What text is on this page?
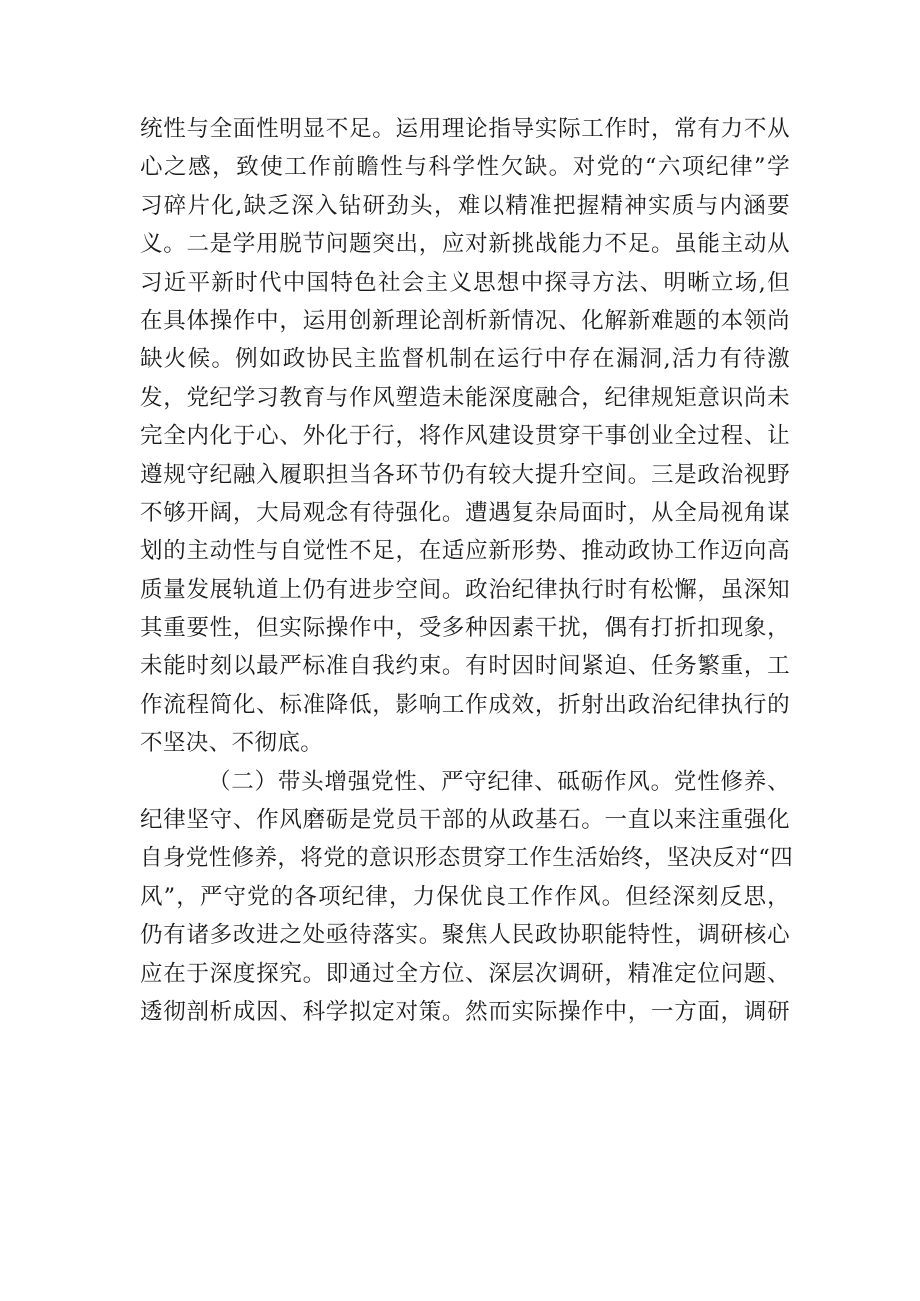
统性与全面性明显不足。运用理论指导实际工作时，常有力不从
心之感，致使工作前瞻性与科学性欠缺。对党的“六项纪律”学
习碎片化,缺乏深入钻研劲头，难以精准把握精神实质与内涵要
义。二是学用脱节问题突出，应对新挑战能力不足。虽能主动从
习近平新时代中国特色社会主义思想中探寻方法、明晰立场,但
在具体操作中，运用创新理论剖析新情况、化解新难题的本领尚
缺火候。例如政协民主监督机制在运行中存在漏洞,活力有待激
发，党纪学习教育与作风塑造未能深度融合，纪律规矩意识尚未
完全内化于心、外化于行，将作风建设贯穿干事创业全过程、让
遵规守纪融入履职担当各环节仍有较大提升空间。三是政治视野
不够开阔，大局观念有待强化。遭遇复杂局面时，从全局视角谋
划的主动性与自觉性不足，在适应新形势、推动政协工作迈向高
质量发展轨道上仍有进步空间。政治纪律执行时有松懈，虽深知
其重要性，但实际操作中，受多种因素干扰，偶有打折扣现象，
未能时刻以最严标准自我约束。有时因时间紧迫、任务繁重，工
作流程简化、标准降低，影响工作成效，折射出政治纪律执行的
不坚决、不彻底。
（二）带头增强党性、严守纪律、砥砺作风。党性修养、
纪律坚守、作风磨砺是党员干部的从政基石。一直以来注重强化
自身党性修养，将党的意识形态贯穿工作生活始终，坚决反对“四
风”，严守党的各项纪律，力保优良工作作风。但经深刻反思，
仍有诸多改进之处亟待落实。聚焦人民政协职能特性，调研核心
应在于深度探究。即通过全方位、深层次调研，精准定位问题、
透彻剖析成因、科学拟定对策。然而实际操作中，一方面，调研
